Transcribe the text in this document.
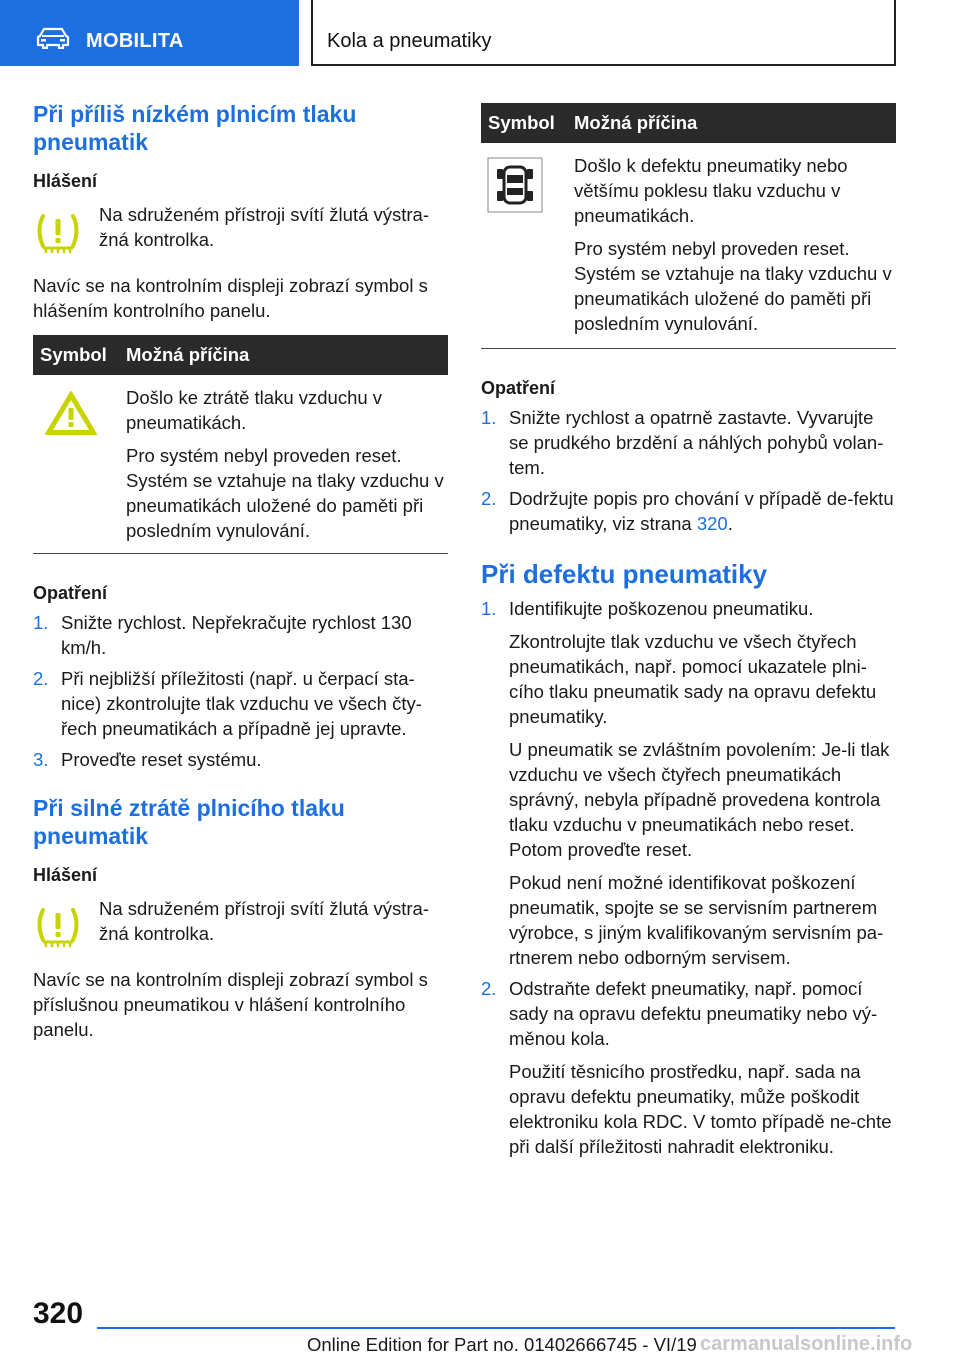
MOBILITA	Kola a pneumatiky
Při příliš nízkém plnicím tlaku pneumatik
Hlášení
Na sdruženém přístroji svítí žlutá výstra‐žná kontrolka.
Navíc se na kontrolním displeji zobrazí symbol s hlášením kontrolního panelu.
Symbol	Možná příčina
Došlo ke ztrátě tlaku vzduchu v pneumatikách.
Pro systém nebyl proveden reset. Systém se vztahuje na tlaky vzduchu v pneumatikách uložené do paměti při posledním vynulování.
Opatření
1. Snižte rychlost. Nepřekračujte rychlost 130 km/h.
2. Při nejbližší příležitosti (např. u čerpací sta‐nice) zkontrolujte tlak vzduchu ve všech čty‐řech pneumatikách a případně jej upravte.
3. Proveďte reset systému.
Při silné ztrátě plnicího tlaku pneumatik
Hlášení
Na sdruženém přístroji svítí žlutá výstra‐žná kontrolka.
Navíc se na kontrolním displeji zobrazí symbol s příslušnou pneumatikou v hlášení kontrolního panelu.
Symbol	Možná příčina
Došlo k defektu pneumatiky nebo většímu poklesu tlaku vzduchu v pneumatikách.
Pro systém nebyl proveden reset. Systém se vztahuje na tlaky vzduchu v pneumatikách uložené do paměti při posledním vynulování.
Opatření
1. Snižte rychlost a opatrně zastavte. Vyvarujte se prudkého brzdění a náhlých pohybů volan‐tem.
2. Dodržujte popis pro chování v případě de‐fektu pneumatiky, viz strana 320.
Při defektu pneumatiky
1. Identifikujte poškozenou pneumatiku.
Zkontrolujte tlak vzduchu ve všech čtyřech pneumatikách, např. pomocí ukazatele plni‐cího tlaku pneumatik sady na opravu defektu pneumatiky.
U pneumatik se zvláštním povolením: Je-li tlak vzduchu ve všech čtyřech pneumatikách správný, nebyla případně provedena kontrola tlaku vzduchu v pneumatikách nebo reset. Potom proveďte reset.
Pokud není možné identifikovat poškození pneumatik, spojte se se servisním partnerem výrobce, s jiným kvalifikovaným servisním pa‐rtnerem nebo odborným servisem.
2. Odstraňte defekt pneumatiky, např. pomocí sady na opravu defektu pneumatiky nebo vý‐měnou kola.
Použití těsnicího prostředku, např. sada na opravu defektu pneumatiky, může poškodit elektroniku kola RDC. V tomto případě ne‐chte při další příležitosti nahradit elektroniku.
320
Online Edition for Part no. 01402666745 - VI/19 carmanualsonline.info
